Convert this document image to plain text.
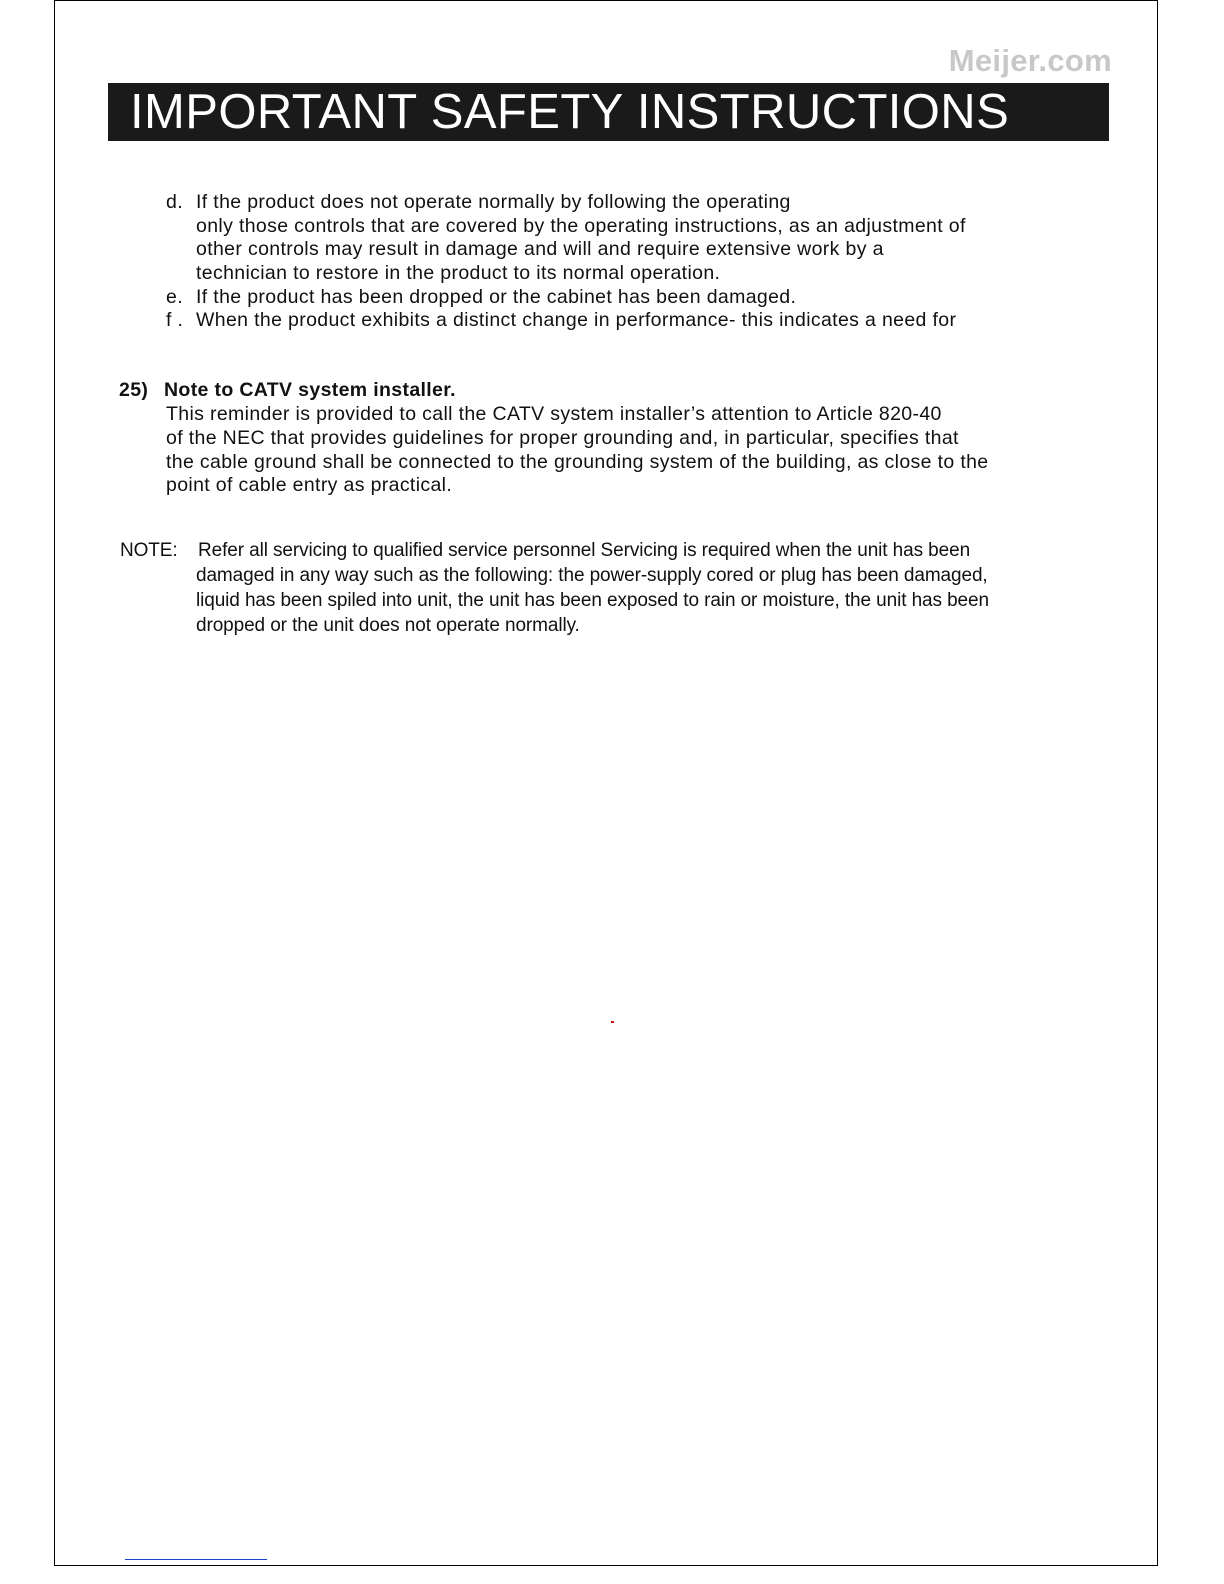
Meijer.com
IMPORTANT SAFETY INSTRUCTIONS
d. If the product does not operate normally by following the operating
only those controls that are covered by the operating instructions, as an adjustment of
other controls may result in damage and will and require extensive work by a
technician to restore in the product to its normal operation.
e. If the product has been dropped or the cabinet has been damaged.
f . When the product exhibits a distinct change in performance- this indicates a need for
25) Note to CATV system installer.
This reminder is provided to call the CATV system installer’s attention to Article 820-40
of the NEC that provides guidelines for proper grounding and, in particular, specifies that
the cable ground shall be connected to the grounding system of the building, as close to the
point of cable entry as practical.
NOTE: Refer all servicing to qualified service personnel Servicing is required when the unit has been
damaged in any way such as the following: the power-supply cored or plug has been damaged,
liquid has been spiled into unit, the unit has been exposed to rain or moisture, the unit has been
dropped or the unit does not operate normally.
